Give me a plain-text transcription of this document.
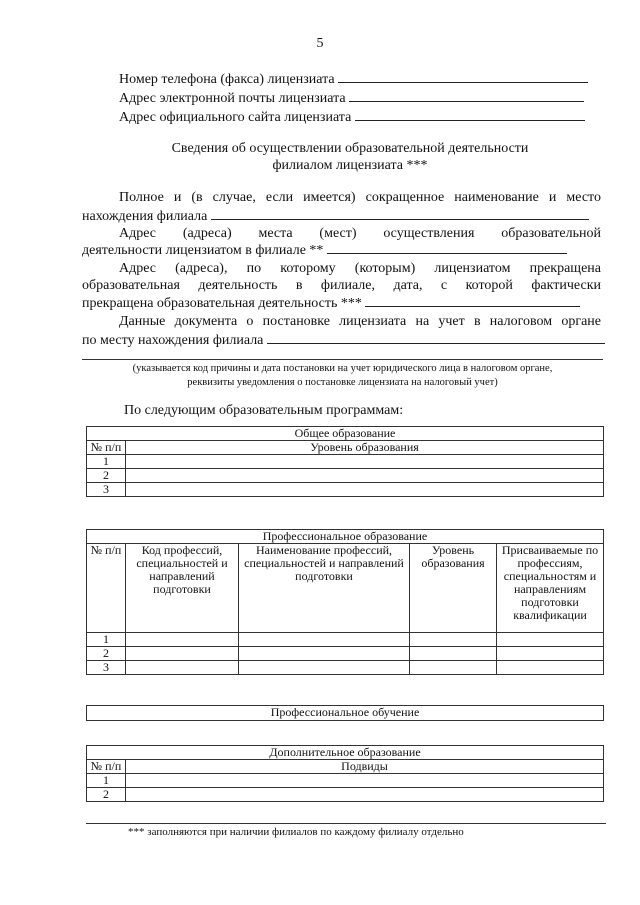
5
Номер телефона (факса) лицензиата
Адрес электронной почты лицензиата
Адрес официального сайта лицензиата
Сведения об осуществлении образовательной деятельности
филиалом лицензиата ***
Полное и (в случае, если имеется) сокращенное наименование и место
нахождения филиала
Адрес (адреса) места (мест) осуществления образовательной
деятельности лицензиатом в филиале **
Адрес (адреса), по которому (которым) лицензиатом прекращена
образовательная деятельность в филиале, дата, с которой фактически
прекращена образовательная деятельность ***
Данные документа о постановке лицензиата на учет в налоговом органе
по месту нахождения филиала
(указывается код причины и дата постановки на учет юридического лица в налоговом органе,
реквизиты уведомления о постановке лицензиата на налоговый учет)
По следующим образовательным программам:
Общее образование	
№ п/п	Уровень образования
1	
2	
3	
Профессиональное образование				
№ п/п	Код профессий, специальностей и направлений подготовки	Наименование профессий, специальностей и направлений подготовки	Уровень образования	Присваиваемые по профессиям, специальностям и направлениям подготовки квалификации
1				
2				
3				
Профессиональное обучение
Дополнительное образование	
№ п/п	Подвиды
1	
2	
*** заполняются при наличии филиалов по каждому филиалу отдельно
